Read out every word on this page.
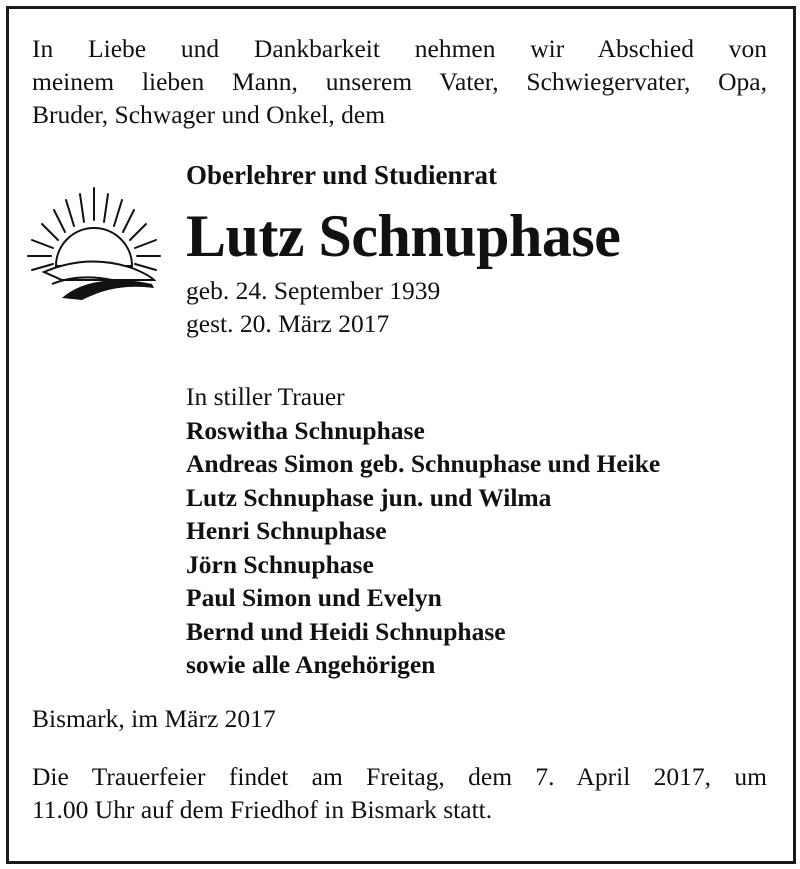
In Liebe und Dankbarkeit nehmen wir Abschied von
meinem lieben Mann, unserem Vater, Schwiegervater, Opa,
Bruder, Schwager und Onkel, dem
Oberlehrer und Studienrat
Lutz Schnuphase
geb. 24. September 1939
gest. 20. März 2017
In stiller Trauer
Roswitha Schnuphase
Andreas Simon geb. Schnuphase und Heike
Lutz Schnuphase jun. und Wilma
Henri Schnuphase
Jörn Schnuphase
Paul Simon und Evelyn
Bernd und Heidi Schnuphase
sowie alle Angehörigen
Bismark, im März 2017
Die Trauerfeier findet am Freitag, dem 7. April 2017, um
11.00 Uhr auf dem Friedhof in Bismark statt.
